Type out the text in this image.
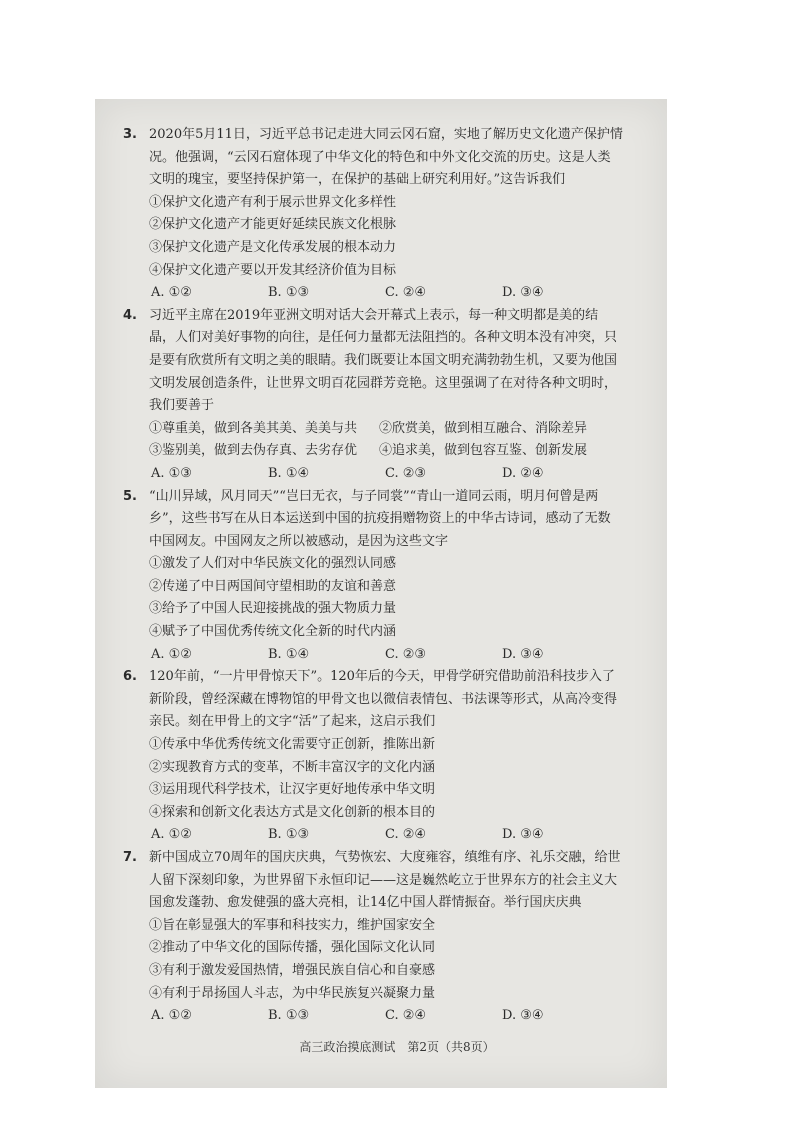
3. 2020年5月11日，习近平总书记走进大同云冈石窟，实地了解历史文化遗产保护情况。他强调，“云冈石窟体现了中华文化的特色和中外文化交流的历史。这是人类文明的瑰宝，要坚持保护第一，在保护的基础上研究利用好。”这告诉我们
①保护文化遗产有利于展示世界文化多样性
②保护文化遗产才能更好延续民族文化根脉
③保护文化遗产是文化传承发展的根本动力
④保护文化遗产要以开发其经济价值为目标
A. ①②	B. ①③	C. ②④	D. ③④
4. 习近平主席在2019年亚洲文明对话大会开幕式上表示，每一种文明都是美的结晶，人们对美好事物的向往，是任何力量都无法阻挡的。各种文明本没有冲突，只是要有欣赏所有文明之美的眼睛。我们既要让本国文明充满勃勃生机，又要为他国文明发展创造条件，让世界文明百花园群芳竞艳。这里强调了在对待各种文明时，我们要善于
①尊重美，做到各美其美、美美与共	②欣赏美，做到相互融合、消除差异
③鉴别美，做到去伪存真、去劣存优	④追求美，做到包容互鉴、创新发展
A. ①③	B. ①④	C. ②③	D. ②④
5. “山川异域，风月同天”“岂曰无衣，与子同裳”“青山一道同云雨，明月何曾是两乡”，这些书写在从日本运送到中国的抗疫捐赠物资上的中华古诗词，感动了无数中国网友。中国网友之所以被感动，是因为这些文字
①激发了人们对中华民族文化的强烈认同感
②传递了中日两国间守望相助的友谊和善意
③给予了中国人民迎接挑战的强大物质力量
④赋予了中国优秀传统文化全新的时代内涵
A. ①②	B. ①④	C. ②③	D. ③④
6. 120年前，“一片甲骨惊天下”。120年后的今天，甲骨学研究借助前沿科技步入了新阶段，曾经深藏在博物馆的甲骨文也以微信表情包、书法课等形式，从高冷变得亲民。刻在甲骨上的文字“活”了起来，这启示我们
①传承中华优秀传统文化需要守正创新，推陈出新
②实现教育方式的变革，不断丰富汉字的文化内涵
③运用现代科学技术，让汉字更好地传承中华文明
④探索和创新文化表达方式是文化创新的根本目的
A. ①②	B. ①③	C. ②④	D. ③④
7. 新中国成立70周年的国庆庆典，气势恢宏、大度雍容，缜维有序、礼乐交融，给世人留下深刻印象，为世界留下永恒印记——这是巍然屹立于世界东方的社会主义大国愈发蓬勃、愈发健强的盛大亮相，让14亿中国人群情振奋。举行国庆庆典
①旨在彰显强大的军事和科技实力，维护国家安全
②推动了中华文化的国际传播，强化国际文化认同
③有利于激发爱国热情，增强民族自信心和自豪感
④有利于昂扬国人斗志，为中华民族复兴凝聚力量
A. ①②	B. ①③	C. ②④	D. ③④
高三政治摸底测试　第2页（共8页）
